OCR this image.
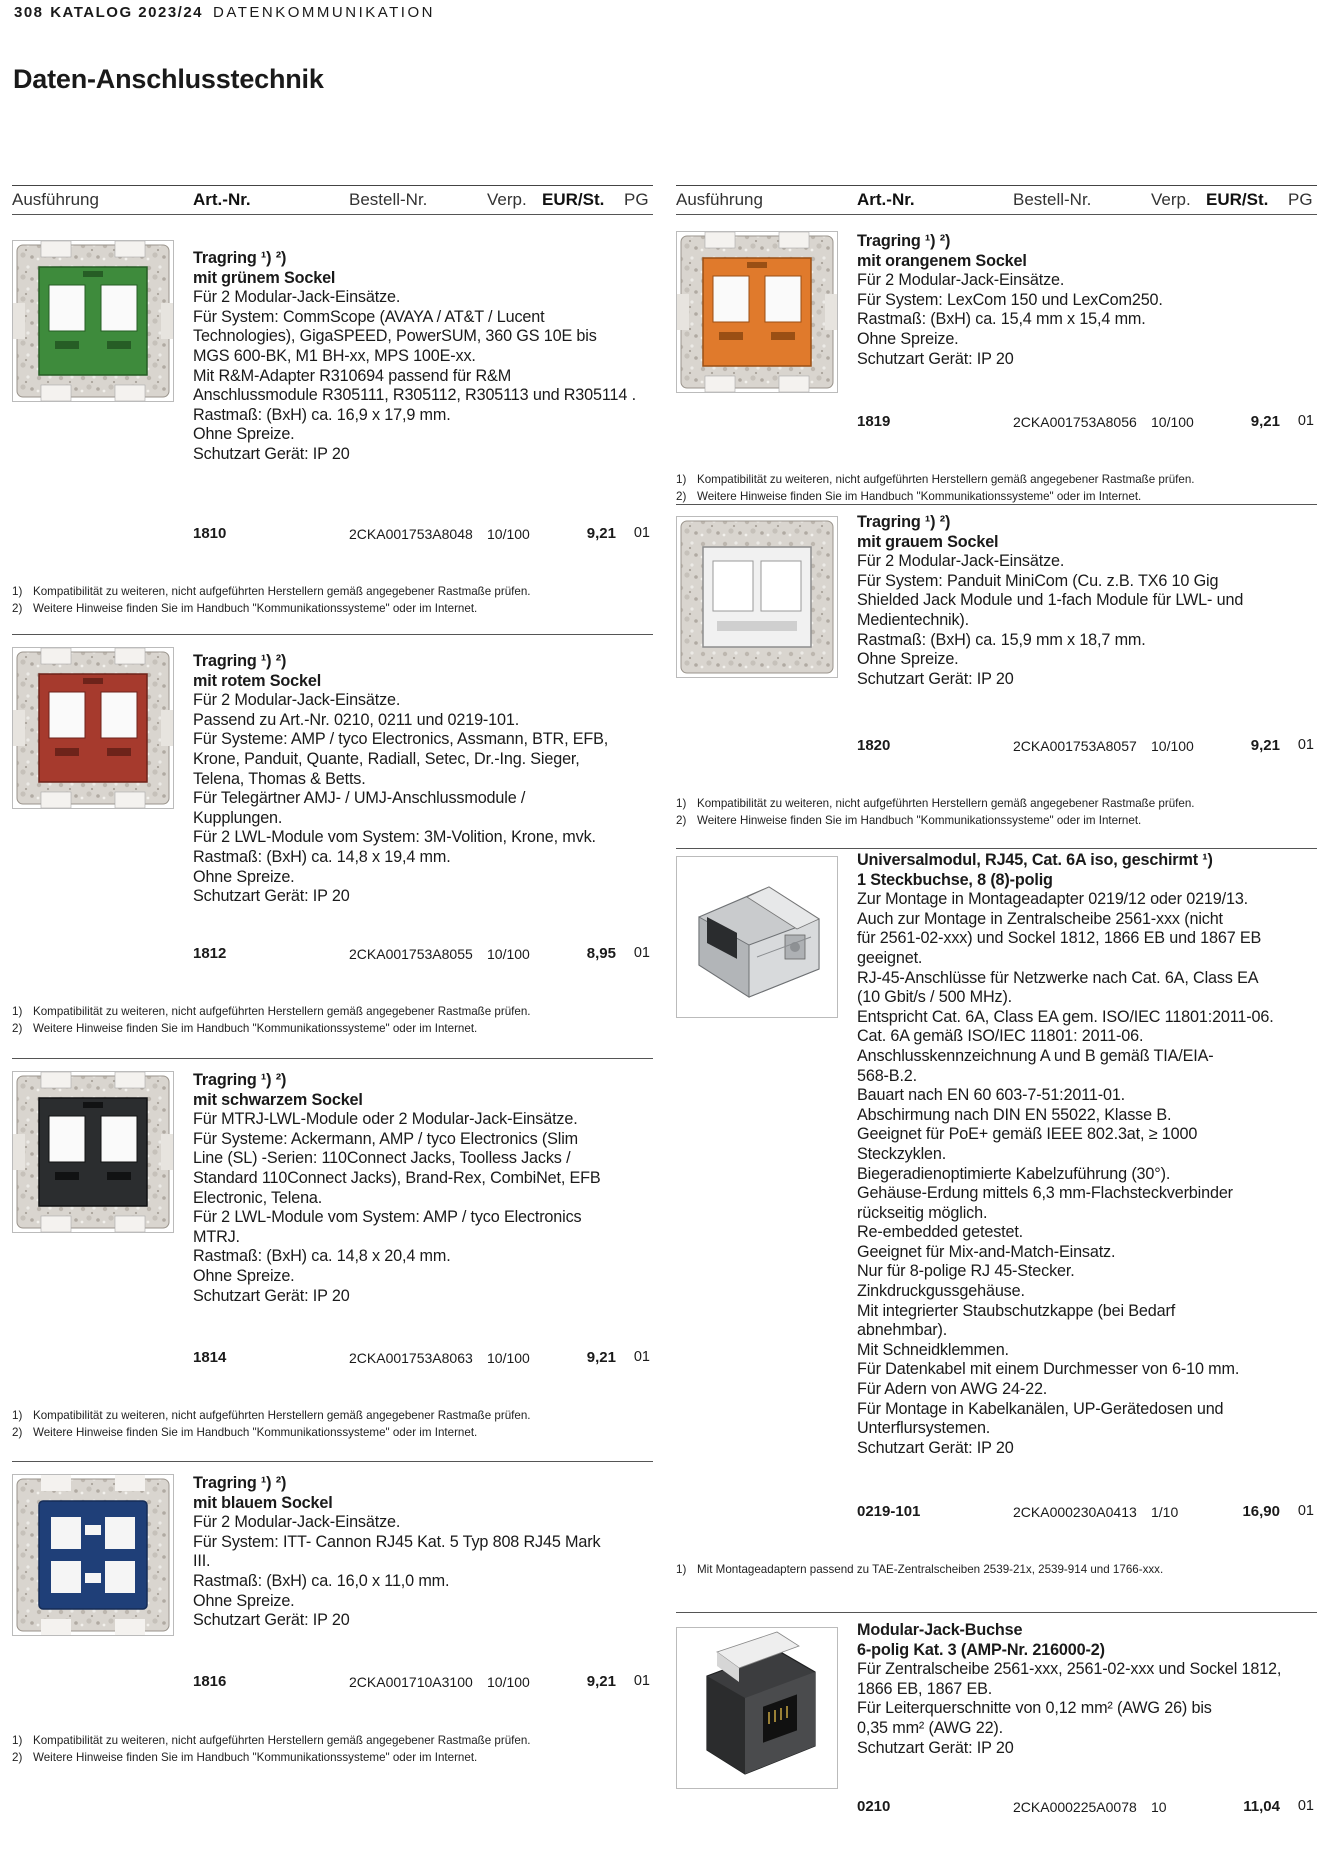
308 KATALOG 2023/24 DATENKOMMUNIKATION
Daten-Anschlusstechnik
Ausführung	Art.-Nr.	Bestell-Nr.	Verp. EUR/St. PG
Tragring ¹) ²)
mit grünem Sockel
Für 2 Modular-Jack-Einsätze.
Für System: CommScope (AVAYA / AT&T / Lucent
Technologies), GigaSPEED, PowerSUM, 360 GS 10E bis
MGS 600-BK, M1 BH-xx, MPS 100E-xx.
Mit R&M-Adapter R310694 passend für R&M
Anschlussmodule R305111, R305112, R305113 und R305114 .
Rastmaß: (BxH) ca. 16,9 x 17,9 mm.
Ohne Spreize.
Schutzart Gerät: IP 20
1810	2CKA001753A8048 10/100	9,21 01
1) Kompatibilität zu weiteren, nicht aufgeführten Herstellern gemäß angegebener Rastmaße prüfen.
2) Weitere Hinweise finden Sie im Handbuch "Kommunikationssysteme" oder im Internet.
Tragring ¹) ²)
mit rotem Sockel
Für 2 Modular-Jack-Einsätze.
Passend zu Art.-Nr. 0210, 0211 und 0219-101.
Für Systeme: AMP / tyco Electronics, Assmann, BTR, EFB,
Krone, Panduit, Quante, Radiall, Setec, Dr.-Ing. Sieger,
Telena, Thomas & Betts.
Für Telegärtner AMJ- / UMJ-Anschlussmodule /
Kupplungen.
Für 2 LWL-Module vom System: 3M-Volition, Krone, mvk.
Rastmaß: (BxH) ca. 14,8 x 19,4 mm.
Ohne Spreize.
Schutzart Gerät: IP 20
1812	2CKA001753A8055 10/100	8,95 01
1) Kompatibilität zu weiteren, nicht aufgeführten Herstellern gemäß angegebener Rastmaße prüfen.
2) Weitere Hinweise finden Sie im Handbuch "Kommunikationssysteme" oder im Internet.
Tragring ¹) ²)
mit schwarzem Sockel
Für MTRJ-LWL-Module oder 2 Modular-Jack-Einsätze.
Für Systeme: Ackermann, AMP / tyco Electronics (Slim
Line (SL) -Serien: 110Connect Jacks, Toolless Jacks /
Standard 110Connect Jacks), Brand-Rex, CombiNet, EFB
Electronic, Telena.
Für 2 LWL-Module vom System: AMP / tyco Electronics
MTRJ.
Rastmaß: (BxH) ca. 14,8 x 20,4 mm.
Ohne Spreize.
Schutzart Gerät: IP 20
1814	2CKA001753A8063 10/100	9,21 01
1) Kompatibilität zu weiteren, nicht aufgeführten Herstellern gemäß angegebener Rastmaße prüfen.
2) Weitere Hinweise finden Sie im Handbuch "Kommunikationssysteme" oder im Internet.
Tragring ¹) ²)
mit blauem Sockel
Für 2 Modular-Jack-Einsätze.
Für System: ITT- Cannon RJ45 Kat. 5 Typ 808 RJ45 Mark
III.
Rastmaß: (BxH) ca. 16,0 x 11,0 mm.
Ohne Spreize.
Schutzart Gerät: IP 20
1816	2CKA001710A3100 10/100	9,21 01
1) Kompatibilität zu weiteren, nicht aufgeführten Herstellern gemäß angegebener Rastmaße prüfen.
2) Weitere Hinweise finden Sie im Handbuch "Kommunikationssysteme" oder im Internet.
Ausführung	Art.-Nr.	Bestell-Nr.	Verp. EUR/St. PG
Tragring ¹) ²)
mit orangenem Sockel
Für 2 Modular-Jack-Einsätze.
Für System: LexCom 150 und LexCom250.
Rastmaß: (BxH) ca. 15,4 mm x 15,4 mm.
Ohne Spreize.
Schutzart Gerät: IP 20
1819	2CKA001753A8056 10/100	9,21 01
1) Kompatibilität zu weiteren, nicht aufgeführten Herstellern gemäß angegebener Rastmaße prüfen.
2) Weitere Hinweise finden Sie im Handbuch "Kommunikationssysteme" oder im Internet.
Tragring ¹) ²)
mit grauem Sockel
Für 2 Modular-Jack-Einsätze.
Für System: Panduit MiniCom (Cu. z.B. TX6 10 Gig
Shielded Jack Module und 1-fach Module für LWL- und
Medientechnik).
Rastmaß: (BxH) ca. 15,9 mm x 18,7 mm.
Ohne Spreize.
Schutzart Gerät: IP 20
1820	2CKA001753A8057 10/100	9,21 01
1) Kompatibilität zu weiteren, nicht aufgeführten Herstellern gemäß angegebener Rastmaße prüfen.
2) Weitere Hinweise finden Sie im Handbuch "Kommunikationssysteme" oder im Internet.
Universalmodul, RJ45, Cat. 6A iso, geschirmt ¹)
1 Steckbuchse, 8 (8)-polig
Zur Montage in Montageadapter 0219/12 oder 0219/13.
Auch zur Montage in Zentralscheibe 2561-xxx (nicht
für 2561-02-xxx) und Sockel 1812, 1866 EB und 1867 EB
geeignet.
RJ-45-Anschlüsse für Netzwerke nach Cat. 6A, Class EA
(10 Gbit/s / 500 MHz).
Entspricht Cat. 6A, Class EA gem. ISO/IEC 11801:2011-06.
Cat. 6A gemäß ISO/IEC 11801: 2011-06.
Anschlusskennzeichnung A und B gemäß TIA/EIA-
568-B.2.
Bauart nach EN 60 603-7-51:2011-01.
Abschirmung nach DIN EN 55022, Klasse B.
Geeignet für PoE+ gemäß IEEE 802.3at, ≥ 1000
Steckzyklen.
Biegeradienoptimierte Kabelzuführung (30°).
Gehäuse-Erdung mittels 6,3 mm-Flachsteckverbinder
rückseitig möglich.
Re-embedded getestet.
Geeignet für Mix-and-Match-Einsatz.
Nur für 8-polige RJ 45-Stecker.
Zinkdruckgussgehäuse.
Mit integrierter Staubschutzkappe (bei Bedarf
abnehmbar).
Mit Schneidklemmen.
Für Datenkabel mit einem Durchmesser von 6-10 mm.
Für Adern von AWG 24-22.
Für Montage in Kabelkanälen, UP-Gerätedosen und
Unterflursystemen.
Schutzart Gerät: IP 20
0219-101	2CKA000230A0413 1/10	16,90 01
1) Mit Montageadaptern passend zu TAE-Zentralscheiben 2539-21x, 2539-914 und 1766-xxx.
Modular-Jack-Buchse
6-polig Kat. 3 (AMP-Nr. 216000-2)
Für Zentralscheibe 2561-xxx, 2561-02-xxx und Sockel 1812,
1866 EB, 1867 EB.
Für Leiterquerschnitte von 0,12 mm² (AWG 26) bis
0,35 mm² (AWG 22).
Schutzart Gerät: IP 20
0210	2CKA000225A0078 10	11,04 01
